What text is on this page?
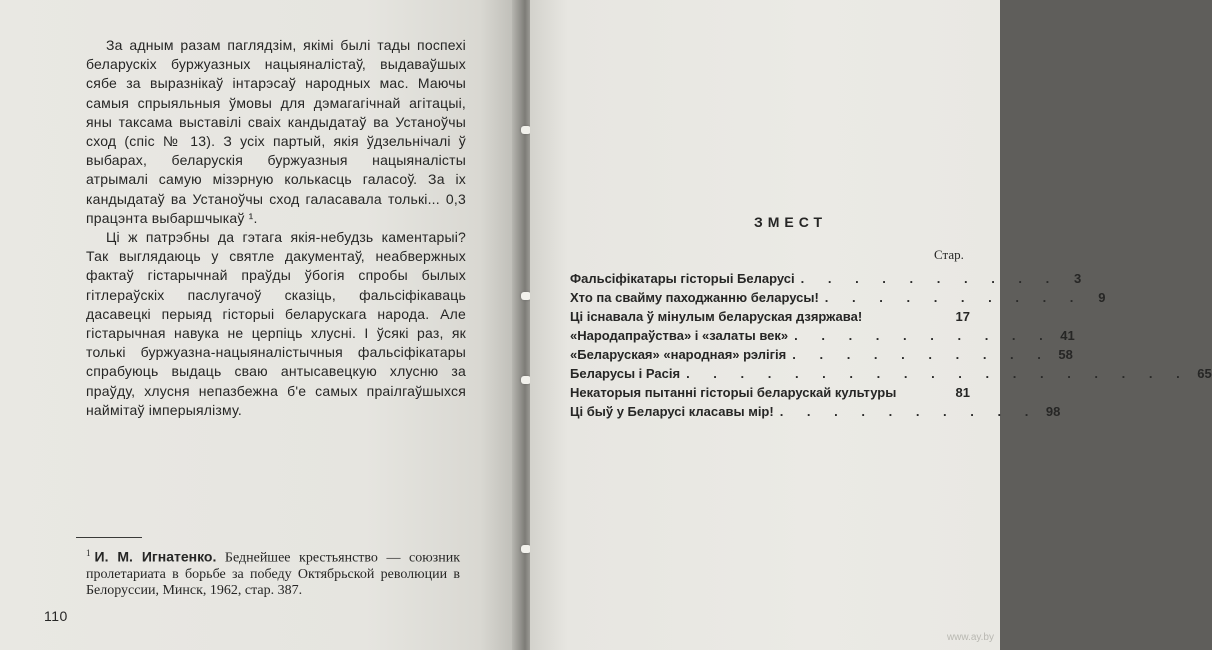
За адным разам паглядзім, якімі былі тады поспехі беларускіх буржуазных нацыяналістаў, выдаваўшых сябе за выразнікаў інтарэсаў народных мас. Маючы самыя спрыяльныя ўмовы для дэмагагічнай агітацыі, яны таксама выставілі сваіх кандыдатаў ва Устаноўчы сход (спіс № 13). З усіх партый, якія ўдзельнічалі ў выбарах, беларускія буржуазныя нацыяналісты атрымалі самую мізэрную колькасць галасоў. За іх кандыдатаў ва Устаноўчы сход галасавала толькі... 0,3 працэнта выбаршчыкаў ¹.

Ці ж патрэбны да гэтага якія-небудзь каментарыі? Так выглядаюць у святле дакументаў, неабвержных фактаў гістарычнай праўды ўбогія спробы былых гітлераўскіх паслугачоў сказіць, фальсіфікаваць дасавецкі перыяд гісторыі беларускага народа. Але гістарычная навука не церпіць хлусні. І ўсякі раз, як толькі буржуазна-нацыяналістычныя фальсіфікатары спрабуюць выдаць сваю антысавецкую хлусню за праўду, хлусня непазбежна б'е самых праілгаўшыхся наймітаў імперыялізму.

$^1$ И. М. Игнатенко. Беднейшее крестьянство — союзник пролетариата в борьбе за победу Октябрьской революции в Белоруссии, Минск, 1962, стар. 387.
110
ЗМЕСТ
Стар.
Фальсіфікатары гісторыі Беларусі . . . . . . . . . .	3
Хто па свайму паходжанню беларусы! . . . . . . . . . .	9
Ці існавала ў мінулым беларуская дзяржава!	17
«Народапраўства» і «залаты век» . . . . . . . . . . 41
«Беларуская» «народная» рэлігія . . . . . . . . . . 58
Беларусы і Расія . . . . . . . . . . . . . . . . . . . 65
Некаторыя пытанні гісторыі беларускай культуры	81
Ці быў у Беларусі класавы мір! . . . . . . . . . . 98
www.ay.by
